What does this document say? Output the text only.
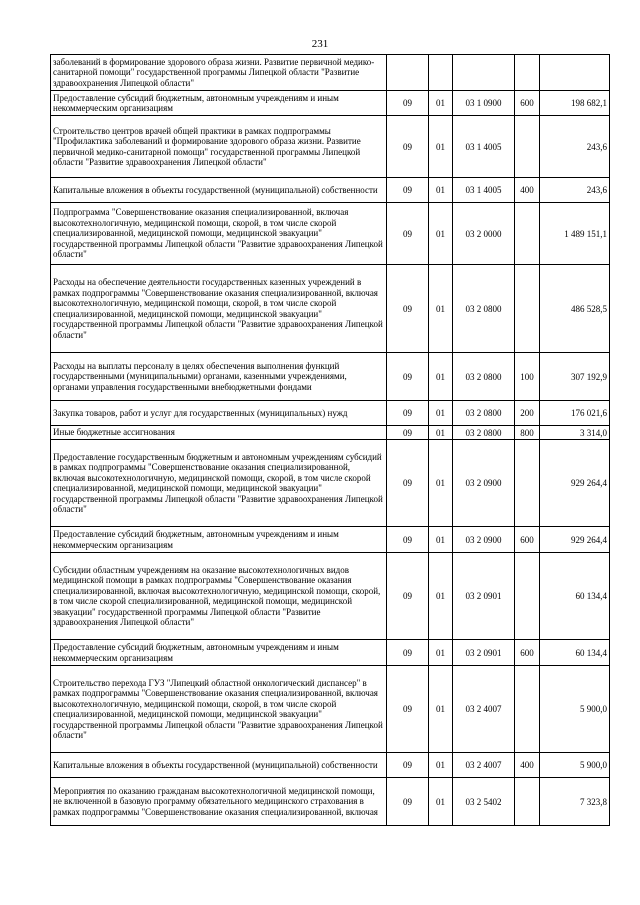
231
заболеваний в формирование здорового образа жизни. Развитие первичной медико-санитарной помощи" государственной программы Липецкой области "Развитие здравоохранения Липецкой области"					
Предоставление субсидий бюджетным, автономным учреждениям и иным некоммерческим организациям	09	01	03 1 0900	600	198 682,1
Строительство центров врачей общей практики в рамках подпрограммы "Профилактика заболеваний и формирование здорового образа жизни. Развитие первичной медико-санитарной помощи" государственной программы Липецкой области "Развитие здравоохранения Липецкой области"	09	01	03 1 4005		243,6
Капитальные вложения в объекты государственной (муниципальной) собственности	09	01	03 1 4005	400	243,6
Подпрограмма "Совершенствование оказания специализированной, включая высокотехнологичную, медицинской помощи, скорой, в том числе скорой специализированной, медицинской помощи, медицинской эвакуации" государственной программы Липецкой области "Развитие здравоохранения Липецкой области"	09	01	03 2 0000		1 489 151,1
Расходы на обеспечение деятельности государственных казенных учреждений в рамках подпрограммы "Совершенствование оказания специализированной, включая высокотехнологичную, медицинской помощи, скорой, в том числе скорой специализированной, медицинской помощи, медицинской эвакуации" государственной программы Липецкой области "Развитие здравоохранения Липецкой области"	09	01	03 2 0800		486 528,5
Расходы на выплаты персоналу в целях обеспечения выполнения функций государственными (муниципальными) органами, казенными учреждениями, органами управления государственными внебюджетными фондами	09	01	03 2 0800	100	307 192,9
Закупка товаров, работ и услуг для государственных (муниципальных) нужд	09	01	03 2 0800	200	176 021,6
Иные бюджетные ассигнования	09	01	03 2 0800	800	3 314,0
Предоставление государственным бюджетным и автономным учреждениям субсидий в рамках подпрограммы "Совершенствование оказания специализированной, включая высокотехнологичную, медицинской помощи, скорой, в том числе скорой специализированной, медицинской помощи, медицинской эвакуации" государственной программы Липецкой области "Развитие здравоохранения Липецкой области"	09	01	03 2 0900		929 264,4
Предоставление субсидий бюджетным, автономным учреждениям и иным некоммерческим организациям	09	01	03 2 0900	600	929 264,4
Субсидии областным учреждениям на оказание высокотехнологичных видов медицинской помощи в рамках подпрограммы "Совершенствование оказания специализированной, включая высокотехнологичную, медицинской помощи, скорой, в том числе скорой специализированной, медицинской помощи, медицинской эвакуации" государственной программы Липецкой области "Развитие здравоохранения Липецкой области"	09	01	03 2 0901		60 134,4
Предоставление субсидий бюджетным, автономным учреждениям и иным некоммерческим организациям	09	01	03 2 0901	600	60 134,4
Строительство перехода ГУЗ "Липецкий областной онкологический диспансер" в рамках подпрограммы "Совершенствование оказания специализированной, включая высокотехнологичную, медицинской помощи, скорой, в том числе скорой специализированной, медицинской помощи, медицинской эвакуации" государственной программы Липецкой области "Развитие здравоохранения Липецкой области"	09	01	03 2 4007		5 900,0
Капитальные вложения в объекты государственной (муниципальной) собственности	09	01	03 2 4007	400	5 900,0
Мероприятия по оказанию гражданам высокотехнологичной медицинской помощи, не включенной в базовую программу обязательного медицинского страхования в рамках подпрограммы "Совершенствование оказания специализированной, включая	09	01	03 2 5402		7 323,8
